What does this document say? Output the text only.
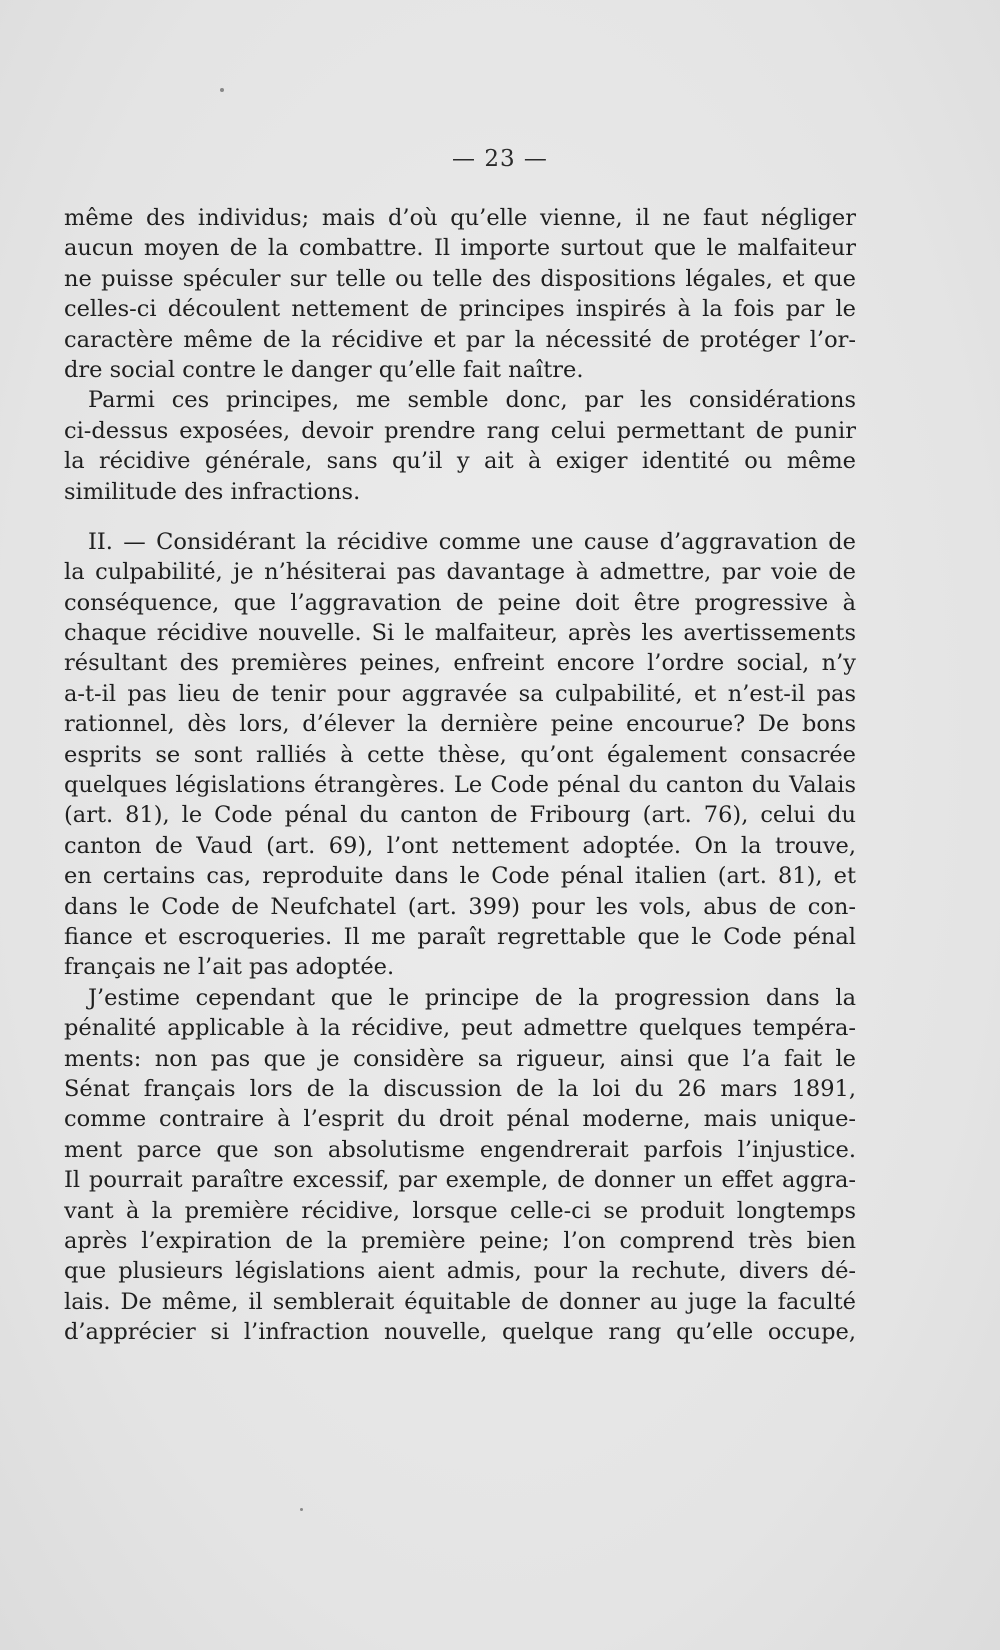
— 23 —
même des individus; mais d’où qu’elle vienne, il ne faut négliger
aucun moyen de la combattre. Il importe surtout que le malfaiteur
ne puisse spéculer sur telle ou telle des dispositions légales, et que
celles-ci découlent nettement de principes inspirés à la fois par le
caractère même de la récidive et par la nécessité de protéger l’or-
dre social contre le danger qu’elle fait naître.
Parmi ces principes, me semble donc, par les considérations
ci-dessus exposées, devoir prendre rang celui permettant de punir
la récidive générale, sans qu’il y ait à exiger identité ou même
similitude des infractions.
II. — Considérant la récidive comme une cause d’aggravation de
la culpabilité, je n’hésiterai pas davantage à admettre, par voie de
conséquence, que l’aggravation de peine doit être progressive à
chaque récidive nouvelle. Si le malfaiteur, après les avertissements
résultant des premières peines, enfreint encore l’ordre social, n’y
a-t-il pas lieu de tenir pour aggravée sa culpabilité, et n’est-il pas
rationnel, dès lors, d’élever la dernière peine encourue? De bons
esprits se sont ralliés à cette thèse, qu’ont également consacrée
quelques législations étrangères. Le Code pénal du canton du Valais
(art. 81), le Code pénal du canton de Fribourg (art. 76), celui du
canton de Vaud (art. 69), l’ont nettement adoptée. On la trouve,
en certains cas, reproduite dans le Code pénal italien (art. 81), et
dans le Code de Neufchatel (art. 399) pour les vols, abus de con-
fiance et escroqueries. Il me paraît regrettable que le Code pénal
français ne l’ait pas adoptée.
J’estime cependant que le principe de la progression dans la
pénalité applicable à la récidive, peut admettre quelques tempéra-
ments: non pas que je considère sa rigueur, ainsi que l’a fait le
Sénat français lors de la discussion de la loi du 26 mars 1891,
comme contraire à l’esprit du droit pénal moderne, mais unique-
ment parce que son absolutisme engendrerait parfois l’injustice.
Il pourrait paraître excessif, par exemple, de donner un effet aggra-
vant à la première récidive, lorsque celle-ci se produit longtemps
après l’expiration de la première peine; l’on comprend très bien
que plusieurs législations aient admis, pour la rechute, divers dé-
lais. De même, il semblerait équitable de donner au juge la faculté
d’apprécier si l’infraction nouvelle, quelque rang qu’elle occupe,
